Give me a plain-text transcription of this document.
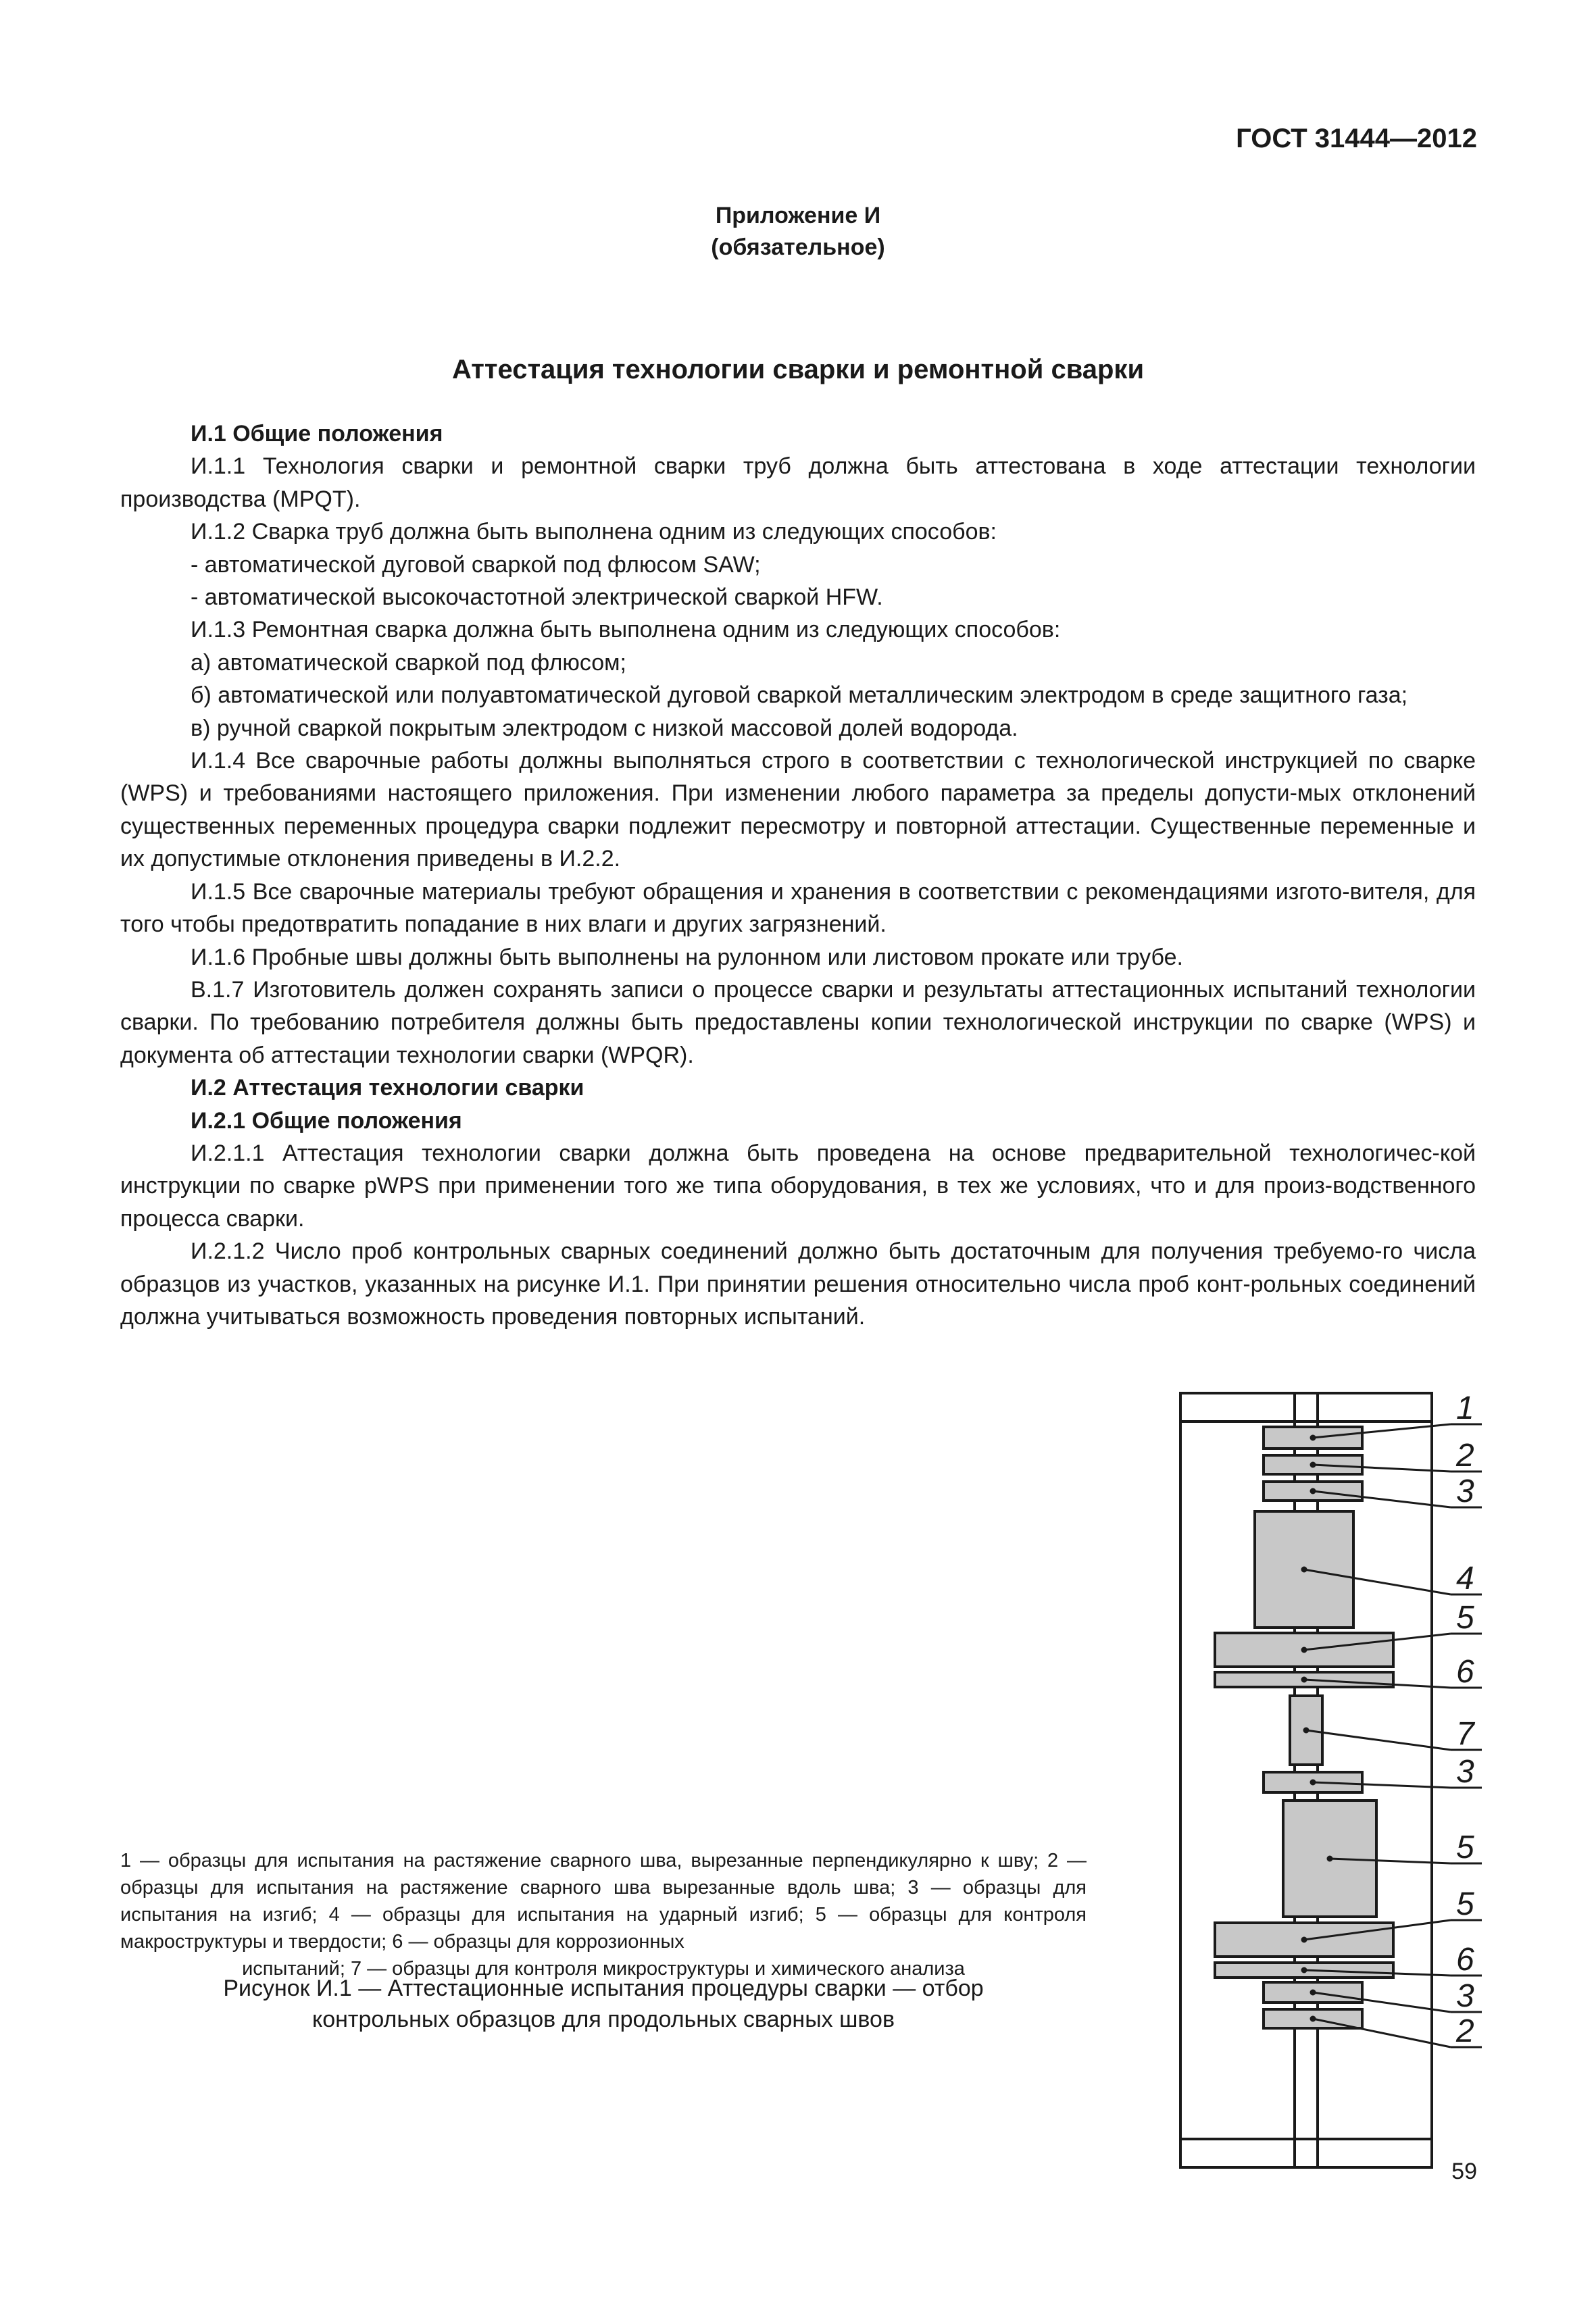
ГОСТ 31444—2012
Приложение И
(обязательное)
Аттестация технологии сварки и ремонтной сварки

И.1 Общие положения

И.1.1 Технология сварки и ремонтной сварки труб должна быть аттестована в ходе аттестации технологии производства (MPQT).

И.1.2 Сварка труб должна быть выполнена одним из следующих способов:

- автоматической дуговой сваркой под флюсом SAW;

- автоматической высокочастотной электрической сваркой HFW.

И.1.3 Ремонтная сварка должна быть выполнена одним из следующих способов:

а) автоматической сваркой под флюсом;

б) автоматической или полуавтоматической дуговой сваркой металлическим электродом в среде защитного газа;

в) ручной сваркой покрытым электродом с низкой массовой долей водорода.

И.1.4 Все сварочные работы должны выполняться строго в соответствии с технологической инструкцией по сварке (WPS) и требованиями настоящего приложения. При изменении любого параметра за пределы допусти-мых отклонений существенных переменных процедура сварки подлежит пересмотру и повторной аттестации. Существенные переменные и их допустимые отклонения приведены в И.2.2.

И.1.5 Все сварочные материалы требуют обращения и хранения в соответствии с рекомендациями изгото-вителя, для того чтобы предотвратить попадание в них влаги и других загрязнений.

И.1.6 Пробные швы должны быть выполнены на рулонном или листовом прокате или трубе.

В.1.7 Изготовитель должен сохранять записи о процессе сварки и результаты аттестационных испытаний технологии сварки. По требованию потребителя должны быть предоставлены копии технологической инструкции по сварке (WPS) и документа об аттестации технологии сварки (WPQR).

И.2 Аттестация технологии сварки

И.2.1 Общие положения

И.2.1.1 Аттестация технологии сварки должна быть проведена на основе предварительной технологичес-кой инструкции по сварке pWPS при применении того же типа оборудования, в тех же условиях, что и для произ-водственного процесса сварки.

И.2.1.2 Число проб контрольных сварных соединений должно быть достаточным для получения требуемо-го числа образцов из участков, указанных на рисунке И.1. При принятии решения относительно числа проб конт-рольных соединений должна учитываться возможность проведения повторных испытаний.

1 — образцы для испытания на растяжение сварного шва, вырезанные перпендикулярно к шву; 2 — образцы для испытания на растяжение сварного шва вырезанные вдоль шва; 3 — образцы для испытания на изгиб; 4 — образцы для испытания на ударный изгиб; 5 — образцы для контроля макроструктуры и твердости; 6 — образцы для коррозионных

испытаний; 7 — образцы для контроля микроструктуры и химического анализа

Рисунок И.1 — Аттестационные испытания процедуры сварки — отбор
контрольных образцов для продольных сварных швов
1
2
3
4
5
6
7
3
5
5
6
3
2
59
